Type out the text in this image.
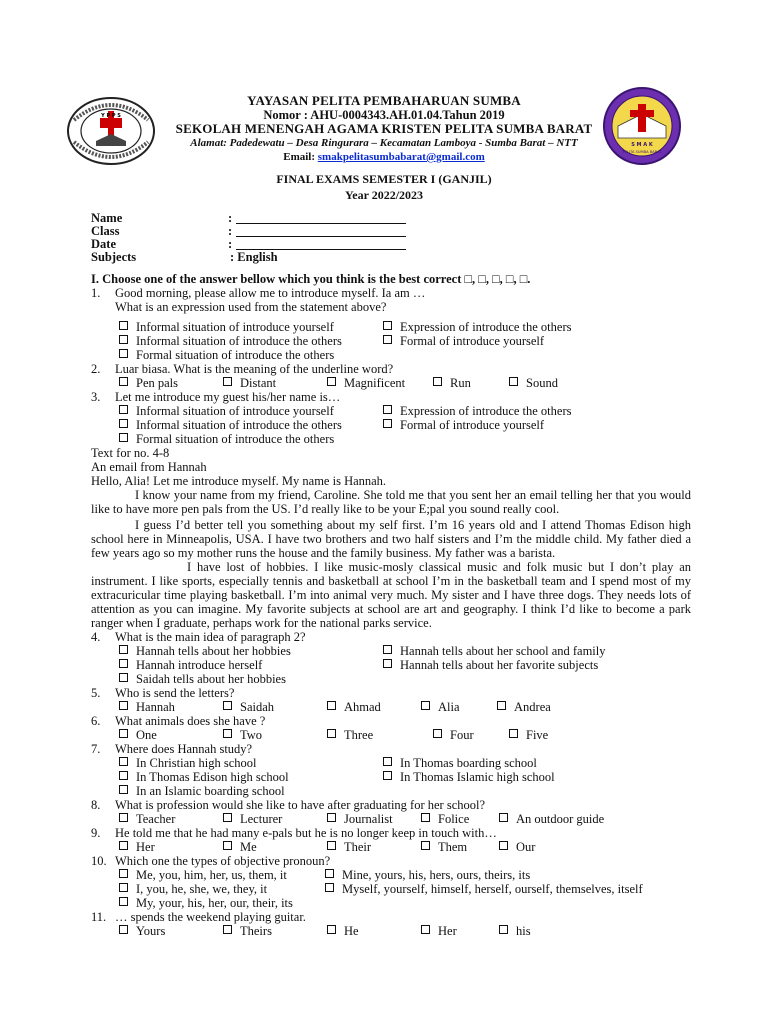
Y P P S
S M A K
PELITA SUMBA BARAT
YAYASAN PELITA PEMBAHARUAN SUMBA
Nomor : AHU-0004343.AH.01.04.Tahun 2019
SEKOLAH MENENGAH AGAMA KRISTEN PELITA SUMBA BARAT
Alamat: Padedewatu – Desa Ringurara – Kecamatan Lamboya - Sumba Barat – NTT
Email: smakpelitasumbabarat@gmail.com
FINAL EXAMS SEMESTER I (GANJIL)
Year 2022/2023
Name	:
Class	:
Date	:
Subjects	: English
I. Choose one of the answer bellow which you think is the best correct □, □, □, □, □.
1.	Good morning, please allow me to introduce myself. Ia am …
What is an expression used from the statement above?
Informal situation of introduce yourself	Expression of introduce the others
Informal situation of introduce the others	Formal of introduce yourself
Formal situation of introduce the others
2.	Luar biasa. What is the meaning of the underline word?
Pen pals	Distant	Magnificent	Run	Sound
3.	Let me introduce my guest his/her name is…
Informal situation of introduce yourself	Expression of introduce the others
Informal situation of introduce the others	Formal of introduce yourself
Formal situation of introduce the others
Text for no. 4-8
An email from Hannah
Hello, Alia! Let me introduce myself. My name is Hannah.
I know your name from my friend, Caroline. She told me that you sent her an email telling her that you would like to have more pen pals from the US. I’d really like to be your E;pal you sound really cool.
I guess I’d better tell you something about my self first. I’m 16 years old and I attend Thomas Edison high school here in Minneapolis, USA. I have two brothers and two half sisters and I’m the middle child. My father died a few years ago so my mother runs the house and the family business. My father was a barista.
I have lost of hobbies. I like music-mosly classical music and folk music but I don’t play an instrument. I like sports, especially tennis and basketball at school I’m in the basketball team and I spend most of my extracuricular time playing basketball. I’m into animal very much. My sister and I have three dogs. They needs lots of attention as you can imagine. My favorite subjects at school are art and geography. I think I’d like to become a park ranger when I graduate, perhaps work for the national parks service.
4.	What is the main idea of paragraph 2?
Hannah tells about her hobbies	Hannah tells about her school and family
Hannah introduce herself	Hannah tells about her favorite subjects
Saidah tells about her hobbies
5.	Who is send the letters?
Hannah	Saidah	Ahmad	Alia	Andrea
6.	What animals does she have ?
One	Two	Three	Four	Five
7.	Where does Hannah study?
In Christian high school	In Thomas boarding school
In Thomas Edison high school	In Thomas Islamic high school
In an Islamic boarding school
8.	What is profession would she like to have after graduating for her school?
Teacher	Lecturer	Journalist	Folice	An outdoor guide
9.	He told me that he had many e-pals but he is no longer keep in touch with…
Her	Me	Their	Them	Our
10. Which one the types of objective pronoun?
Me, you, him, her, us, them, it	Mine, yours, his, hers, ours, theirs, its
I, you, he, she, we, they, it	Myself, yourself, himself, herself, ourself, themselves, itself
My, your, his, her, our, their, its
11. … spends the weekend playing guitar.
Yours	Theirs	He	Her	his
